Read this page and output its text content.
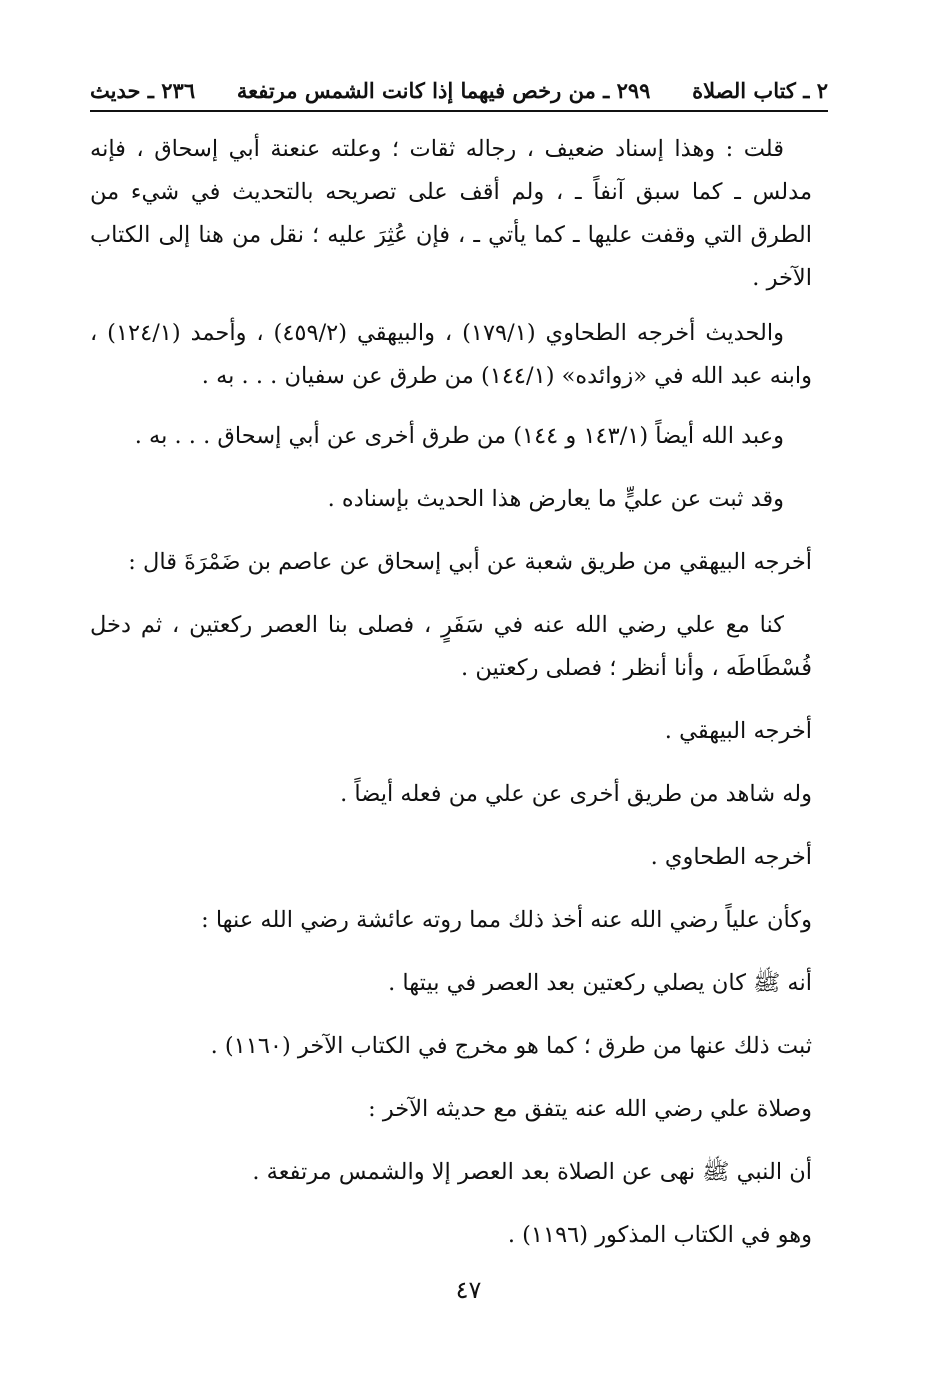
٢ ـ كتاب الصلاة
٢٩٩ ـ من رخص فيهما إذا كانت الشمس مرتفعة
٢٣٦ ـ حديث

قلت : وهذا إسناد ضعيف ، رجاله ثقات ؛ وعلته عنعنة أبي إسحاق ، فإنه مدلس ـ كما سبق آنفاً ـ ، ولم أقف على تصريحه بالتحديث في شيء من الطرق التي وقفت عليها ـ كما يأتي ـ ، فإن عُثِرَ عليه ؛ نقل من هنا إلى الكتاب الآخر .

والحديث أخرجه الطحاوي (١٧٩/١) ، والبيهقي (٤٥٩/٢) ، وأحمد (١٢٤/١) ، وابنه عبد الله في «زوائده» (١٤٤/١) من طرق عن سفيان . . . به .

وعبد الله أيضاً (١٤٣/١ و ١٤٤) من طرق أخرى عن أبي إسحاق . . . به .

وقد ثبت عن عليٍّ ما يعارض هذا الحديث بإسناده .

أخرجه البيهقي من طريق شعبة عن أبي إسحاق عن عاصم بن ضَمْرَةَ قال :

كنا مع علي رضي الله عنه في سَفَرٍ ، فصلى بنا العصر ركعتين ، ثم دخل فُسْطَاطَه ، وأنا أنظر ؛ فصلى ركعتين .

أخرجه البيهقي .

وله شاهد من طريق أخرى عن علي من فعله أيضاً .

أخرجه الطحاوي .

وكأن علياً رضي الله عنه أخذ ذلك مما روته عائشة رضي الله عنها :

أنه ﷺ كان يصلي ركعتين بعد العصر في بيتها .

ثبت ذلك عنها من طرق ؛ كما هو مخرج في الكتاب الآخر (١١٦٠) .

وصلاة علي رضي الله عنه يتفق مع حديثه الآخر :

أن النبي ﷺ نهى عن الصلاة بعد العصر إلا والشمس مرتفعة .

وهو في الكتاب المذكور (١١٩٦) .

٤٧
